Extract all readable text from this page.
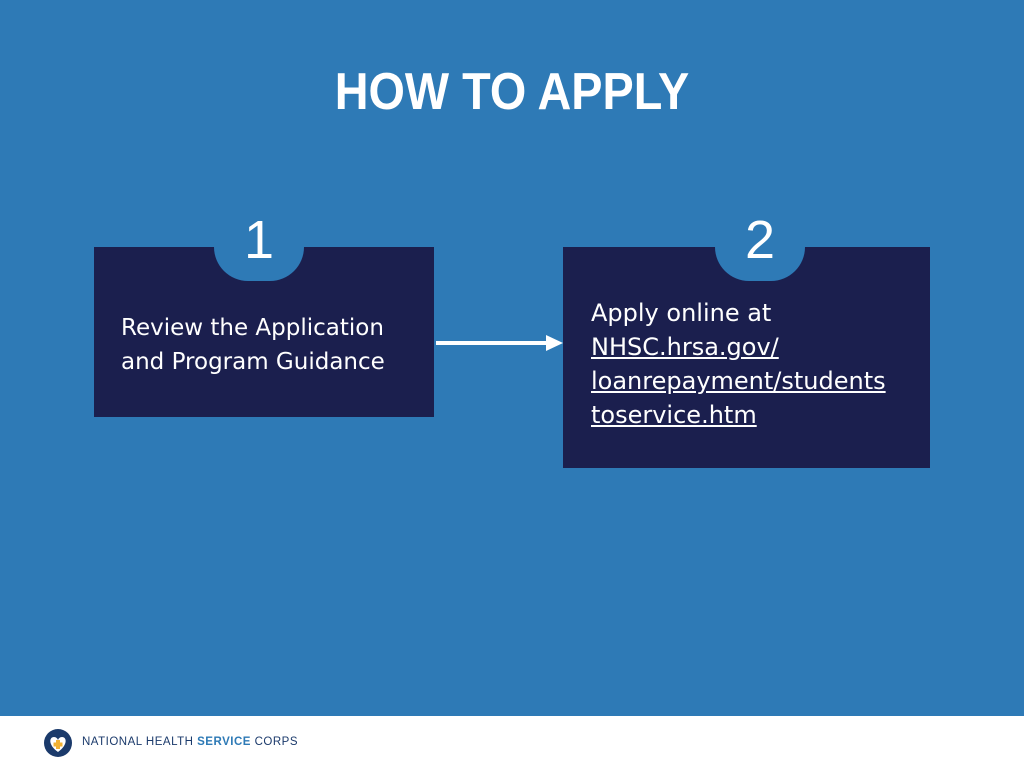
HOW TO APPLY
1
Review the Application
and Program Guidance
2
Apply online at
NHSC.hrsa.gov/
loanrepayment/students
toservice.htm
NATIONAL HEALTH SERVICE CORPS
